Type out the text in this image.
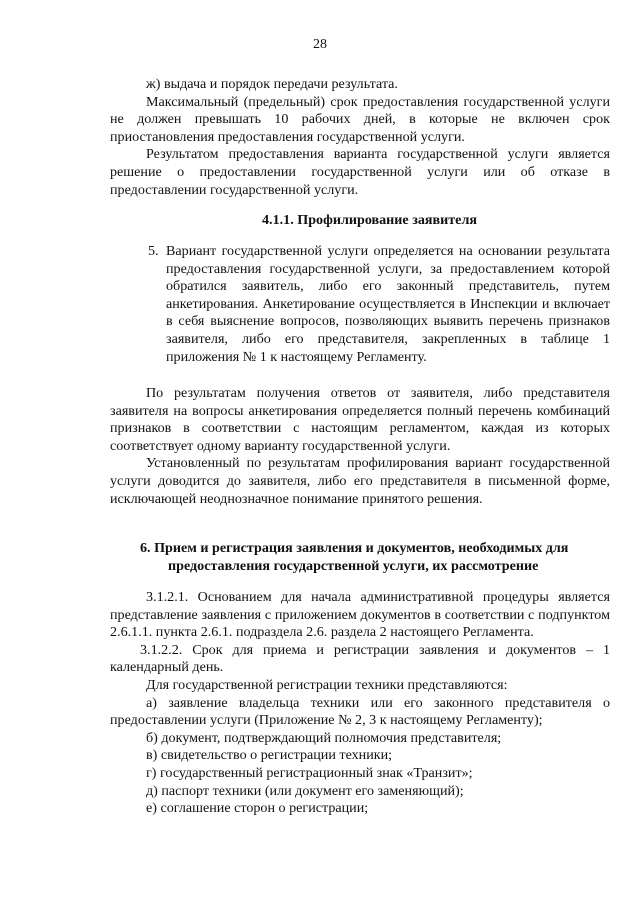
28

ж) выдача и порядок передачи результата.

Максимальный (предельный) срок предоставления государственной услуги не должен превышать 10 рабочих дней, в которые не включен срок приостановления предоставления государственной услуги.

Результатом предоставления варианта государственной услуги является решение о предоставлении государственной услуги или об отказе в предоставлении государственной услуги.

4.1.1. Профилирование заявителя

5. Вариант государственной услуги определяется на основании результата предоставления государственной услуги, за предоставлением которой обратился заявитель, либо его законный представитель, путем анкетирования. Анкетирование осуществляется в Инспекции и включает в себя выяснение вопросов, позволяющих выявить перечень признаков заявителя, либо его представителя, закрепленных в таблице 1 приложения № 1 к настоящему Регламенту.

По результатам получения ответов от заявителя, либо представителя заявителя на вопросы анкетирования определяется полный перечень комбинаций признаков в соответствии с настоящим регламентом, каждая из которых соответствует одному варианту государственной услуги.

Установленный по результатам профилирования вариант государственной услуги доводится до заявителя, либо его представителя в письменной форме, исключающей неоднозначное понимание принятого решения.

6. Прием и регистрация заявления и документов, необходимых для

предоставления государственной услуги, их рассмотрение

3.1.2.1. Основанием для начала административной процедуры является представление заявления с приложением документов в соответствии с подпунктом 2.6.1.1. пункта 2.6.1. подраздела 2.6. раздела 2 настоящего Регламента.

3.1.2.2. Срок для приема и регистрации заявления и документов – 1 календарный день.

Для государственной регистрации техники представляются:

а) заявление владельца техники или его законного представителя о предоставлении услуги (Приложение № 2, 3 к настоящему Регламенту);

б) документ, подтверждающий полномочия представителя;

в) свидетельство о регистрации техники;

г) государственный регистрационный знак «Транзит»;

д) паспорт техники (или документ его заменяющий);

е) соглашение сторон о регистрации;
